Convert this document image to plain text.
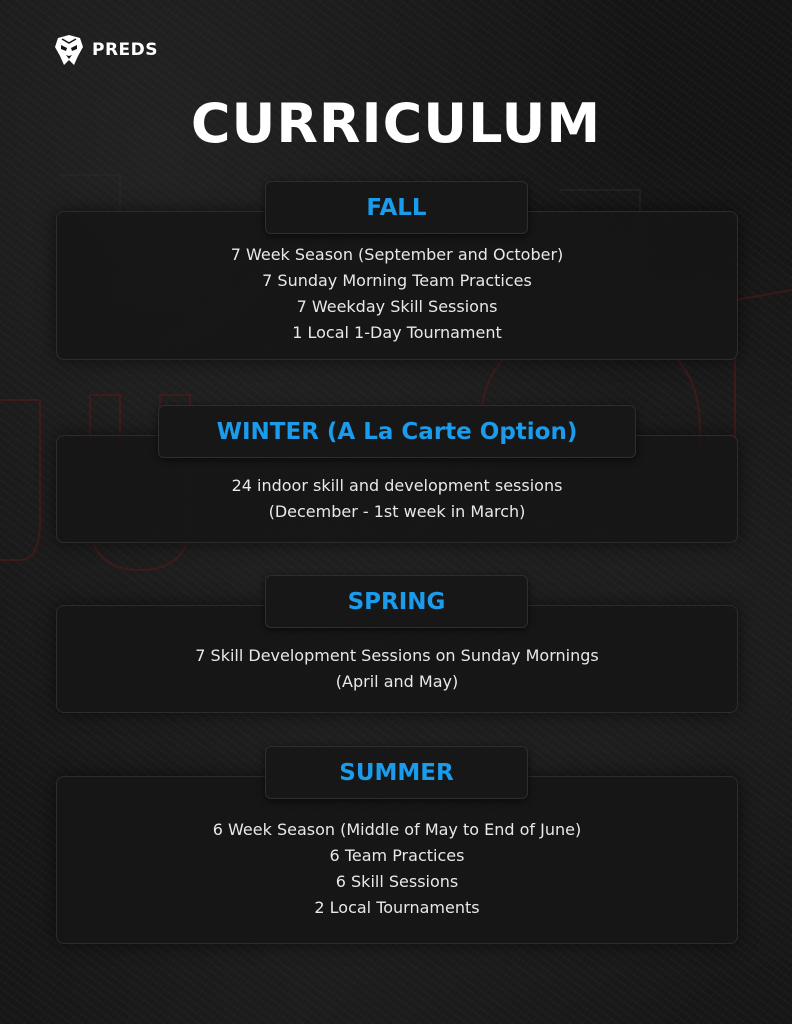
PREDS
CURRICULUM
7 Week Season (September and October)
7 Sunday Morning Team Practices
7 Weekday Skill Sessions
1 Local 1-Day Tournament
FALL
24 indoor skill and development sessions
(December - 1st week in March)
WINTER (A La Carte Option)
7 Skill Development Sessions on Sunday Mornings
(April and May)
SPRING
6 Week Season (Middle of May to End of June)
6 Team Practices
6 Skill Sessions
2 Local Tournaments
SUMMER
